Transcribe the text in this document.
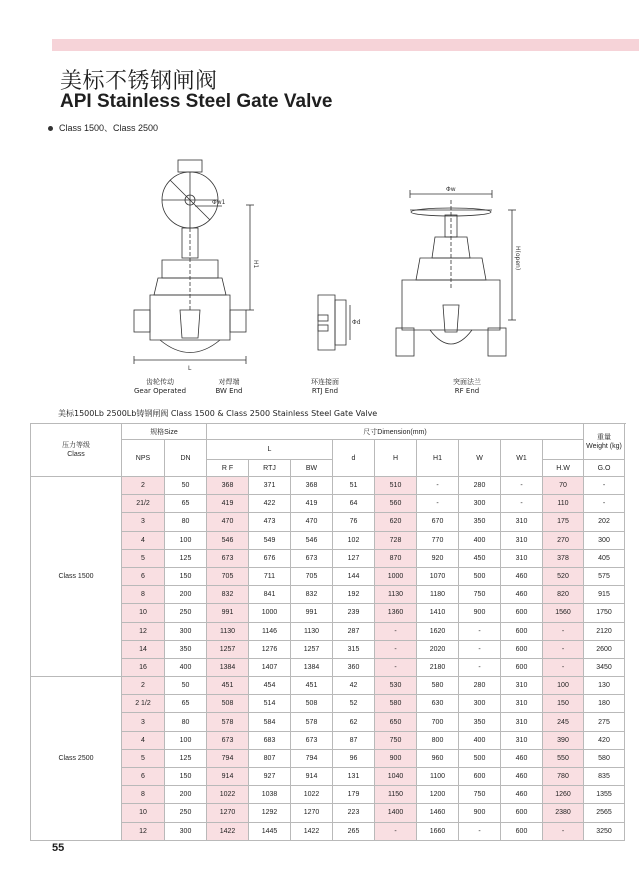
美标不锈钢闸阀
API Stainless Steel Gate Valve
Class 1500、Class 2500
Φw1
H1
L
Φw
H(open)
Φd
齿轮传动
Gear Operated
对焊端
BW End
环连接面
RTJ End
突面法兰
RF End
美标1500Lb 2500Lb铸钢闸阀 Class 1500 & Class 2500 Stainless Steel Gate Valve
压力等级
Class	规格Size		尺寸Dimension(mm)									重量
Weight (kg)

	NPS	DN	L			d	H	H1	W	W1		
			R F	RTJ	BW						H.W	G.O
Class 1500	2	50	368	371	368	51	510	-	280	-	70	-
	21/2	65	419	422	419	64	560	-	300	-	110	-
	3	80	470	473	470	76	620	670	350	310	175	202
	4	100	546	549	546	102	728	770	400	310	270	300
	5	125	673	676	673	127	870	920	450	310	378	405
	6	150	705	711	705	144	1000	1070	500	460	520	575
	8	200	832	841	832	192	1130	1180	750	460	820	915
	10	250	991	1000	991	239	1360	1410	900	600	1560	1750
	12	300	1130	1146	1130	287	-	1620	-	600	-	2120
	14	350	1257	1276	1257	315	-	2020	-	600	-	2600
	16	400	1384	1407	1384	360	-	2180	-	600	-	3450
Class 2500	2	50	451	454	451	42	530	580	280	310	100	130
	2 1/2	65	508	514	508	52	580	630	300	310	150	180
	3	80	578	584	578	62	650	700	350	310	245	275
	4	100	673	683	673	87	750	800	400	310	390	420
	5	125	794	807	794	96	900	960	500	460	550	580
	6	150	914	927	914	131	1040	1100	600	460	780	835
	8	200	1022	1038	1022	179	1150	1200	750	460	1260	1355
	10	250	1270	1292	1270	223	1400	1460	900	600	2380	2565
	12	300	1422	1445	1422	265	-	1660	-	600	-	3250
55
